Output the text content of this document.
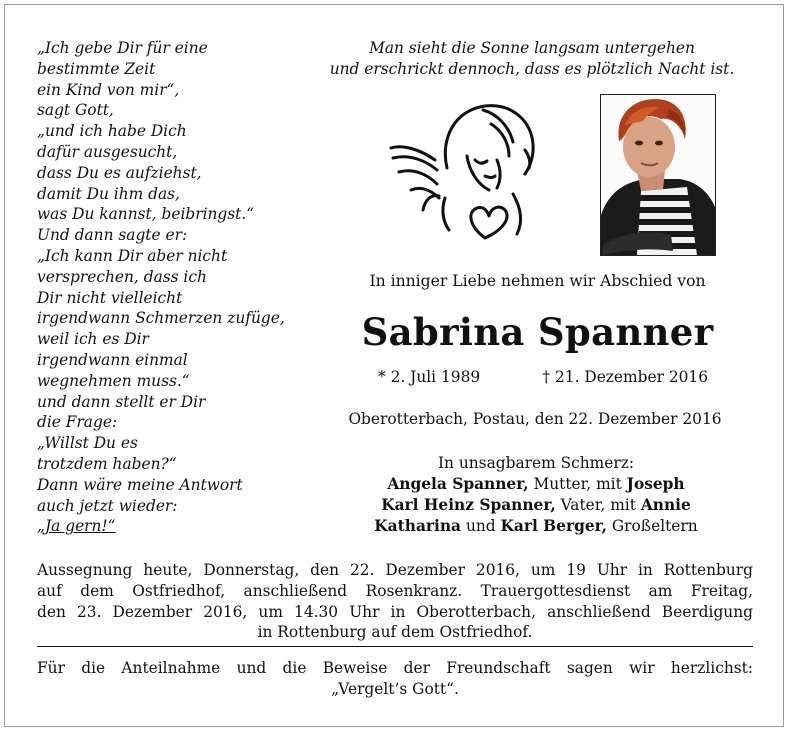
„Ich gebe Dir für eine
bestimmte Zeit
ein Kind von mir“,
sagt Gott,
„und ich habe Dich
dafür ausgesucht,
dass Du es aufziehst,
damit Du ihm das,
was Du kannst, beibringst.“
Und dann sagte er:
„Ich kann Dir aber nicht
versprechen, dass ich
Dir nicht vielleicht
irgendwann Schmerzen zufüge,
weil ich es Dir
irgendwann einmal
wegnehmen muss.“
und dann stellt er Dir
die Frage:
„Willst Du es
trotzdem haben?“
Dann wäre meine Antwort
auch jetzt wieder:
„Ja gern!“
Man sieht die Sonne langsam untergehen
und erschrickt dennoch, dass es plötzlich Nacht ist.
In inniger Liebe nehmen wir Abschied von
Sabrina Spanner
* 2. Juli 1989	† 21. Dezember 2016
Oberotterbach, Postau, den 22. Dezember 2016
In unsagbarem Schmerz:
Angela Spanner, Mutter, mit Joseph
Karl Heinz Spanner, Vater, mit Annie
Katharina und Karl Berger, Großeltern
Aussegnung heute, Donnerstag, den 22. Dezember 2016, um 19 Uhr in Rottenburg
auf dem Ostfriedhof, anschließend Rosenkranz. Trauergottesdienst am Freitag,
den 23. Dezember 2016, um 14.30 Uhr in Oberotterbach, anschließend Beerdigung
in Rottenburg auf dem Ostfriedhof.
Für die Anteilnahme und die Beweise der Freundschaft sagen wir herzlichst:
„Vergelt’s Gott“.
